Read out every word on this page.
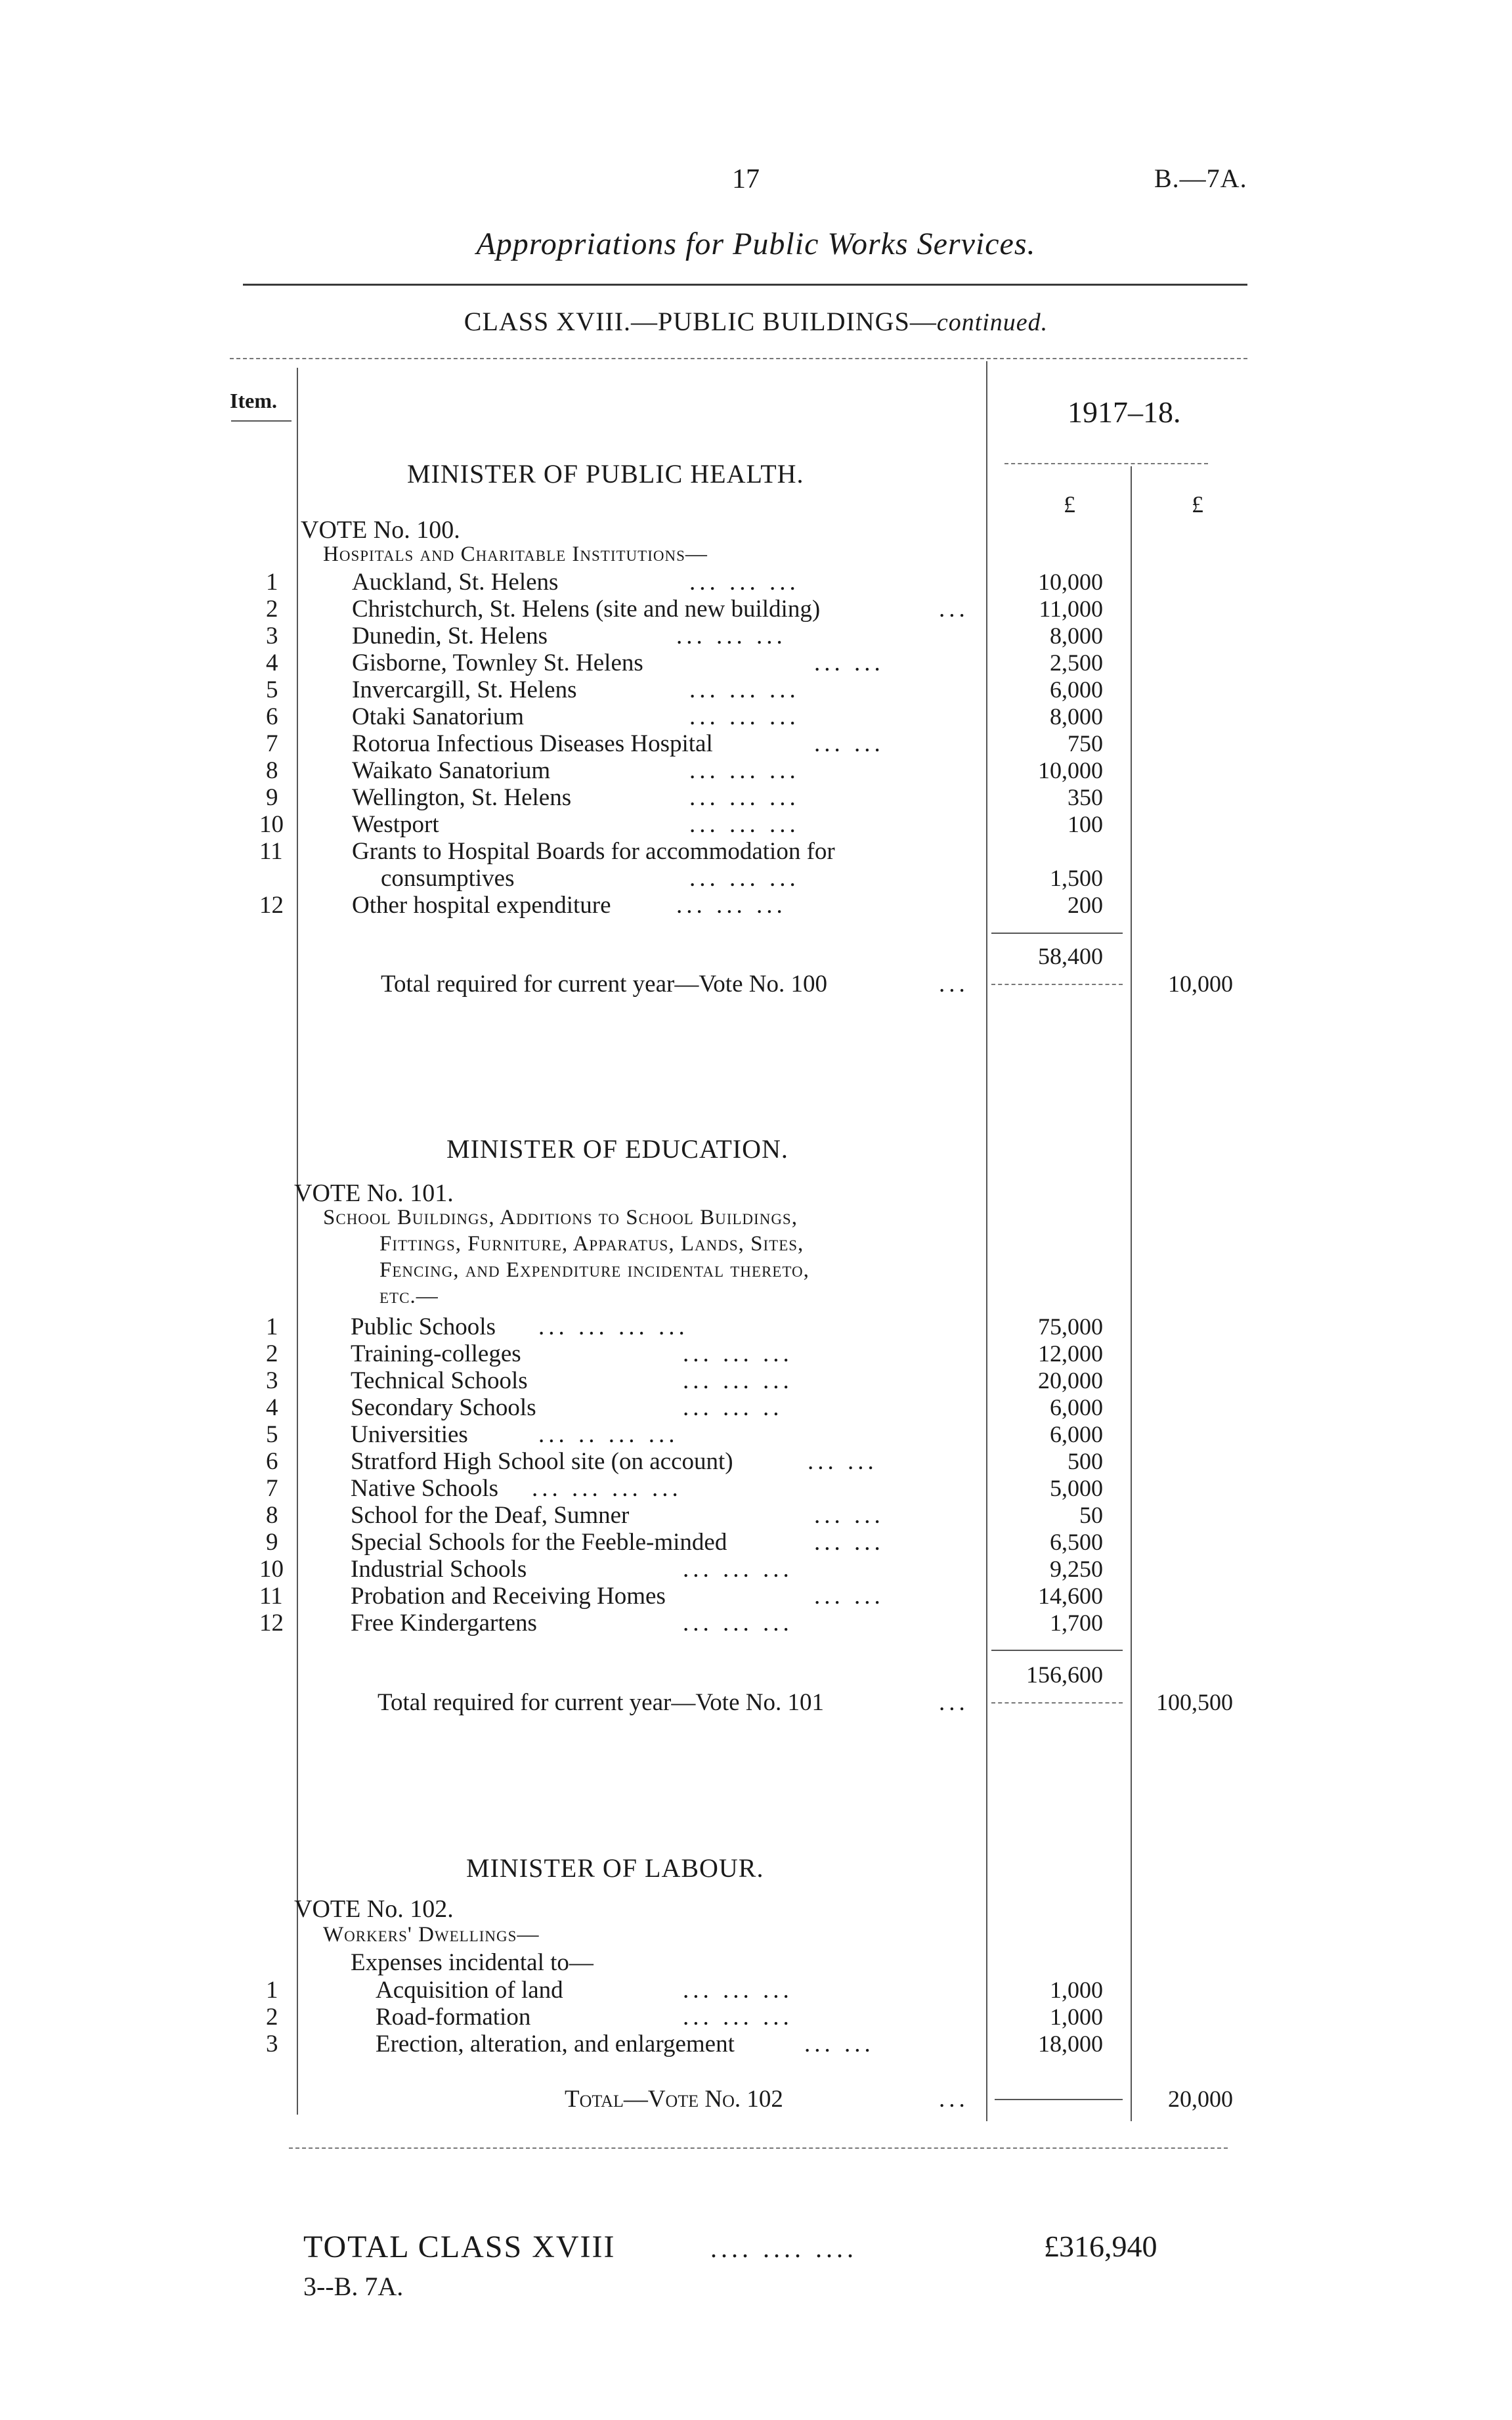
17	B.—7A.
Appropriations for Public Works Services.
CLASS XVIII.—PUBLIC BUILDINGS—continued.
Item.	1917–18.
£	£
MINISTER OF PUBLIC HEALTH.
VOTE No. 100.
Hospitals and Charitable Institutions—
1	Auckland, St. Helens	... ... ...	10,000
2	Christchurch, St. Helens (site and new building)	...	11,000
3	Dunedin, St. Helens	... ... ...	8,000
4	Gisborne, Townley St. Helens	... ...	2,500
5	Invercargill, St. Helens	... ... ...	6,000
6	Otaki Sanatorium	... ... ...	8,000
7	Rotorua Infectious Diseases Hospital	... ...	750
8	Waikato Sanatorium	... ... ...	10,000
9	Wellington, St. Helens	... ... ...	350
10	Westport	... ... ...	100
11	Grants to Hospital Boards for accommodation for
consumptives	... ... ...	1,500
12	Other hospital expenditure	... ... ...	200
58,400
Total required for current year—Vote No. 100	...	10,000
MINISTER OF EDUCATION.
VOTE No. 101.
School Buildings, Additions to School Buildings,
Fittings, Furniture, Apparatus, Lands, Sites,
Fencing, and Expenditure incidental thereto,
etc.—
1	Public Schools ... ... ... ...	75,000
2	Training-colleges	... ... ...	12,000
3	Technical Schools	... ... ...	20,000
4	Secondary Schools	... ... ..	6,000
5	Universities	... .. ... ...	6,000
6	Stratford High School site (on account)	... ...	500
7	Native Schools ... ... ... ...	5,000
8	School for the Deaf, Sumner	... ...	50
9	Special Schools for the Feeble-minded	... ...	6,500
10	Industrial Schools	... ... ...	9,250
11	Probation and Receiving Homes	... ...	14,600
12	Free Kindergartens	... ... ...	1,700
156,600
Total required for current year—Vote No. 101	...	100,500
MINISTER OF LABOUR.
VOTE No. 102.
Workers' Dwellings—
Expenses incidental to—
1	Acquisition of land	... ... ...	1,000
2	Road-formation	... ... ...	1,000
3	Erection, alteration, and enlargement	... ...	18,000
Total—Vote No. 102	...	20,000
TOTAL CLASS XVIII	.... .... ....	£316,940
3--B. 7A.
